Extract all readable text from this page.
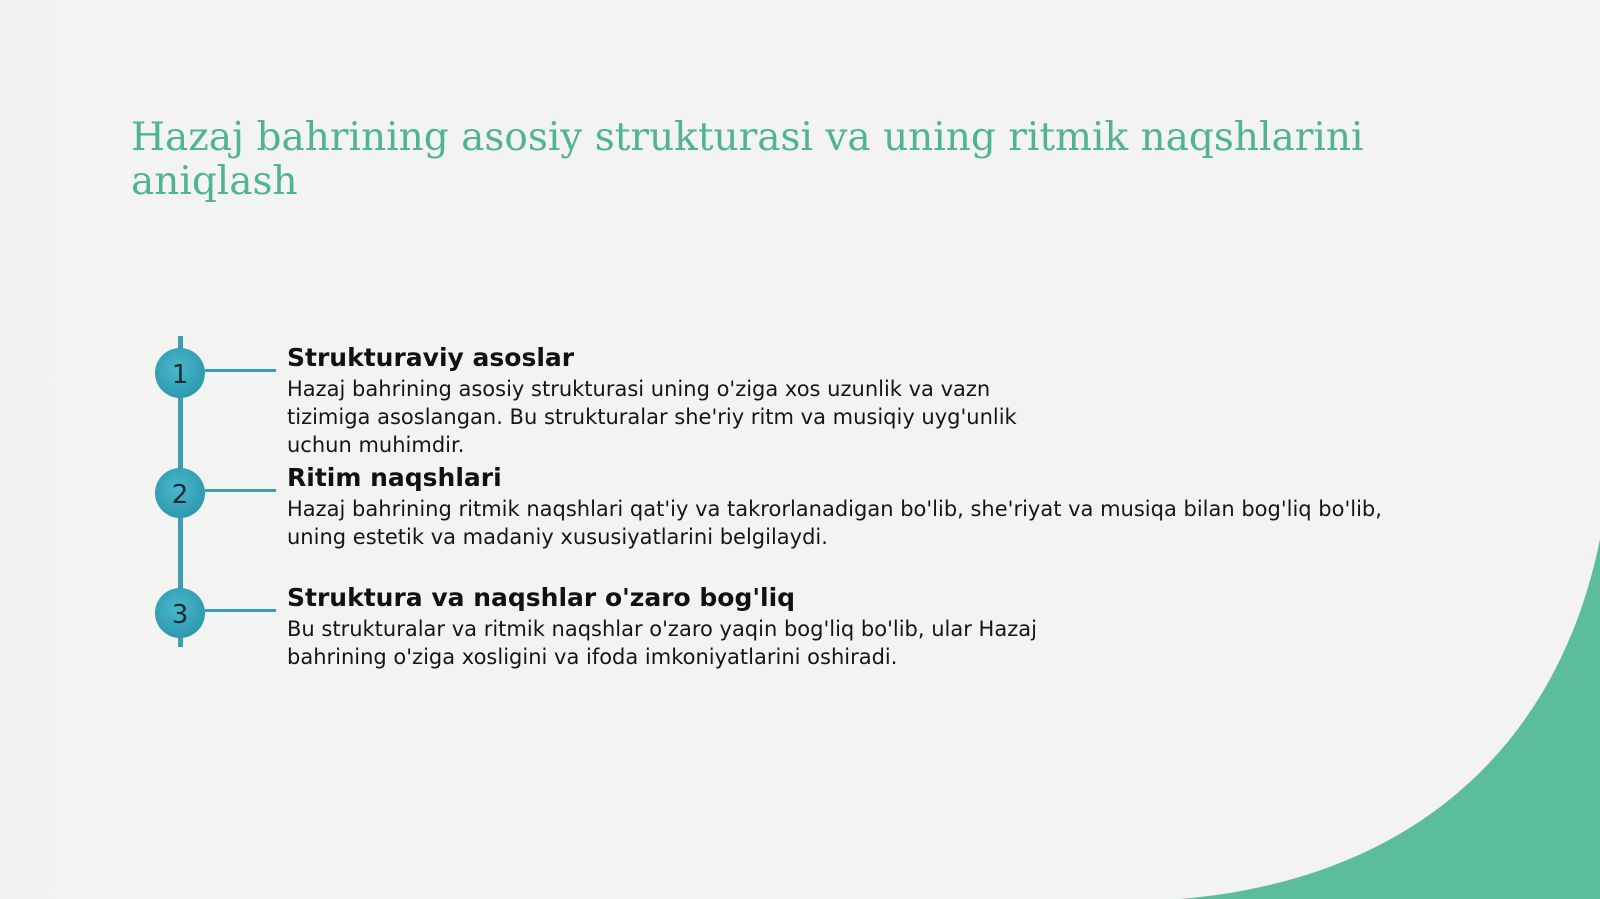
Hazaj bahrining asosiy strukturasi va uning ritmik naqshlarini aniqlash
1
Strukturaviy asoslar

Hazaj bahrining asosiy strukturasi uning o'ziga xos uzunlik va vazn tizimiga asoslangan. Bu strukturalar she'riy ritm va musiqiy uyg'unlik uchun muhimdir.

2
Ritim naqshlari

Hazaj bahrining ritmik naqshlari qat'iy va takrorlanadigan bo'lib, she'riyat va musiqa bilan bog'liq bo'lib, uning estetik va madaniy xususiyatlarini belgilaydi.

3
Struktura va naqshlar o'zaro bog'liq

Bu strukturalar va ritmik naqshlar o'zaro yaqin bog'liq bo'lib, ular Hazaj bahrining o'ziga xosligini va ifoda imkoniyatlarini oshiradi.
